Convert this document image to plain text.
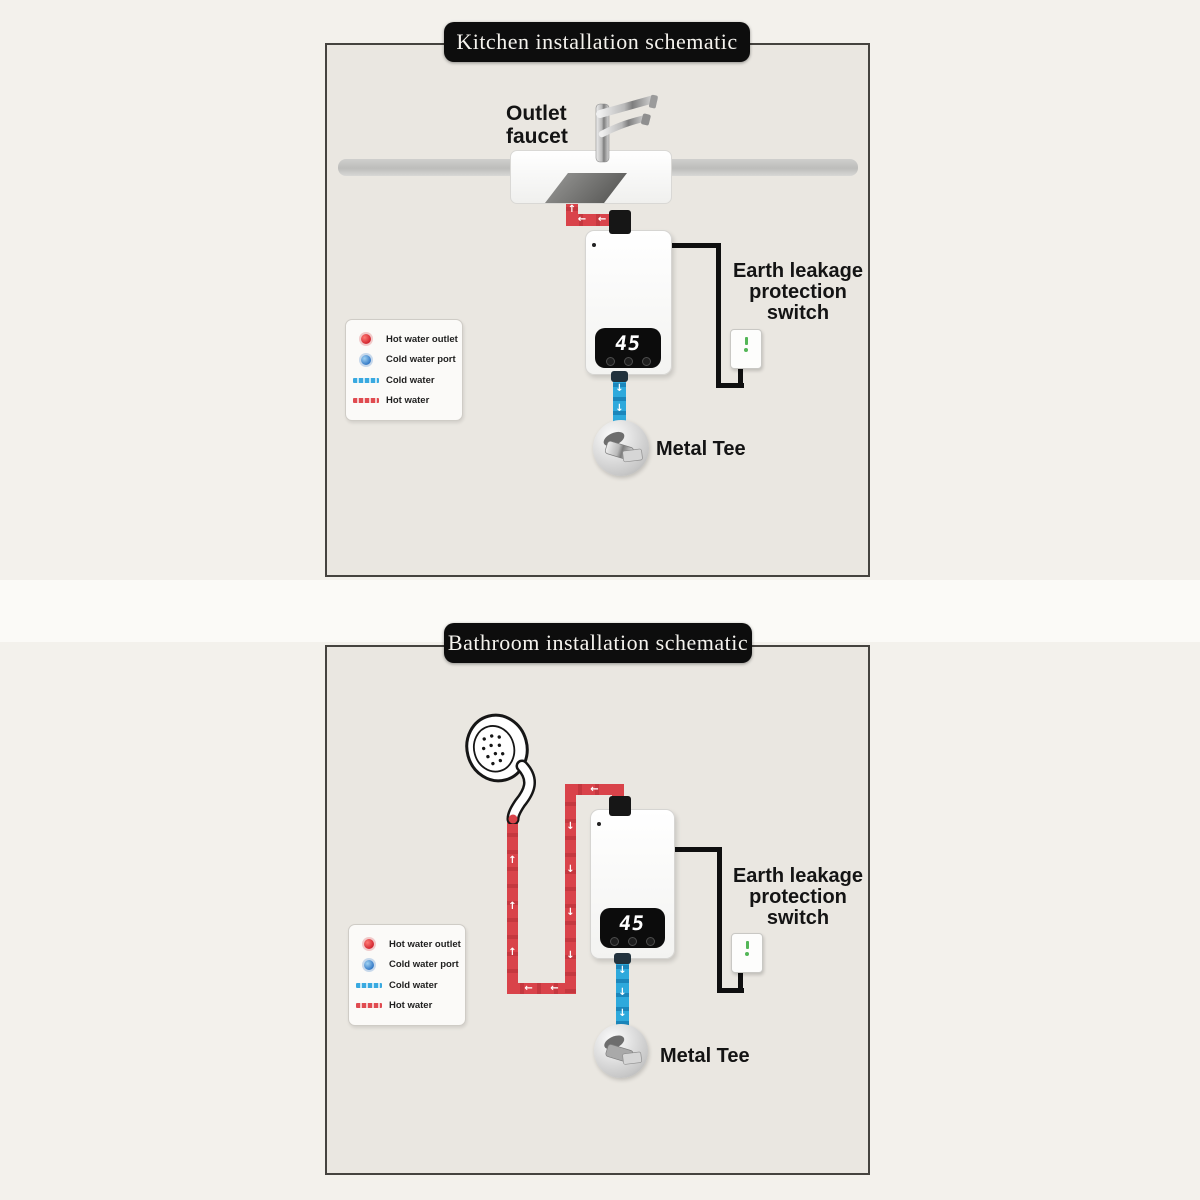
Kitchen installation schematic
Outlet
faucet
↑
←
←
45
↓
↓
Metal Tee
Earth leakage
protection
switch
Hot water outlet
Cold water port
Cold water
Hot water
Bathroom installation schematic
↑
↑
↑
←
←
↓
↓
↓
↓
←
45
↓
↓
↓
Metal Tee
Earth leakage
protection
switch
Hot water outlet
Cold water port
Cold water
Hot water
